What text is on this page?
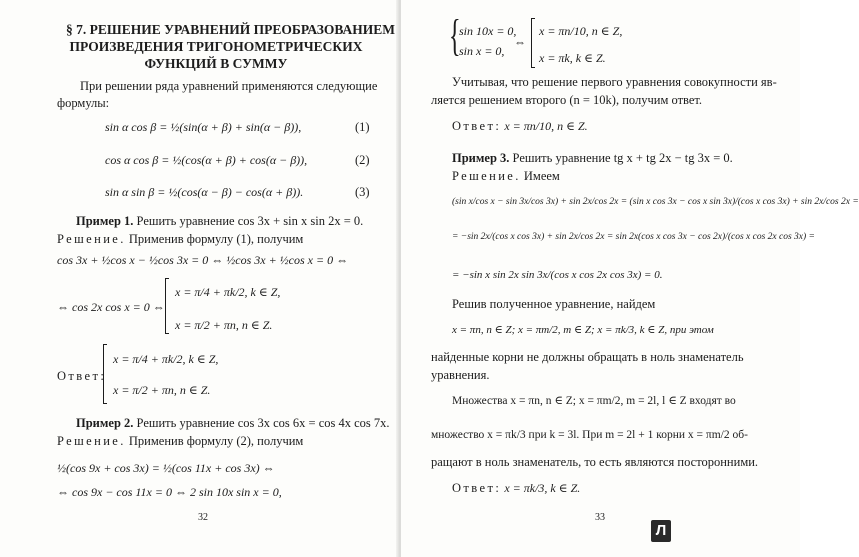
§ 7. РЕШЕНИЕ УРАВНЕНИЙ ПРЕОБРАЗОВАНИЕМ
ПРОИЗВЕДЕНИЯ ТРИГОНОМЕТРИЧЕСКИХ
ФУНКЦИЙ В СУММУ
При решении ряда уравнений применяются следующие
формулы:
sin α cos β = ½(sin(α + β) + sin(α − β)),	(1)
cos α cos β = ½(cos(α + β) + cos(α − β)),	(2)
sin α sin β = ½(cos(α − β) − cos(α + β)).	(3)
Пример 1. Решить уравнение cos 3x + sin x sin 2x = 0.
Решение. Применив формулу (1), получим
cos 3x + ½cos x − ½cos 3x = 0 ⇔ ½cos 3x + ½cos x = 0 ⇔
⇔ cos 2x cos x = 0 ⇔
x = π/4 + πk/2, k ∈ Z,
x = π/2 + πn, n ∈ Z.
Ответ:
x = π/4 + πk/2, k ∈ Z,
x = π/2 + πn, n ∈ Z.
Пример 2. Решить уравнение cos 3x cos 6x = cos 4x cos 7x.
Решение. Применив формулу (2), получим
½(cos 9x + cos 3x) = ½(cos 11x + cos 3x) ⇔
⇔ cos 9x − cos 11x = 0 ⇔ 2 sin 10x sin x = 0,
32
{
sin 10x = 0,
sin x = 0,
⇔
x = πn/10, n ∈ Z,
x = πk, k ∈ Z.
Учитывая, что решение первого уравнения совокупности яв-
ляется решением второго (n = 10k), получим ответ.
Ответ: x = πn/10, n ∈ Z.
Пример 3. Решить уравнение tg x + tg 2x − tg 3x = 0.
Решение. Имеем
(sin x/cos x − sin 3x/cos 3x) + sin 2x/cos 2x = (sin x cos 3x − cos x sin 3x)/(cos x cos 3x) + sin 2x/cos 2x =
= −sin 2x/(cos x cos 3x) + sin 2x/cos 2x = sin 2x(cos x cos 3x − cos 2x)/(cos x cos 2x cos 3x) =
= −sin x sin 2x sin 3x/(cos x cos 2x cos 3x) = 0.
Решив полученное уравнение, найдем
x = πn, n ∈ Z; x = πm/2, m ∈ Z; x = πk/3, k ∈ Z, при этом
найденные корни не должны обращать в ноль знаменатель
уравнения.
Множества x = πn, n ∈ Z; x = πm/2, m = 2l, l ∈ Z входят во
множество x = πk/3 при k = 3l. При m = 2l + 1 корни x = πm/2 об-
ращают в ноль знаменатель, то есть являются посторонними.
Ответ: x = πk/3, k ∈ Z.
33
Л
